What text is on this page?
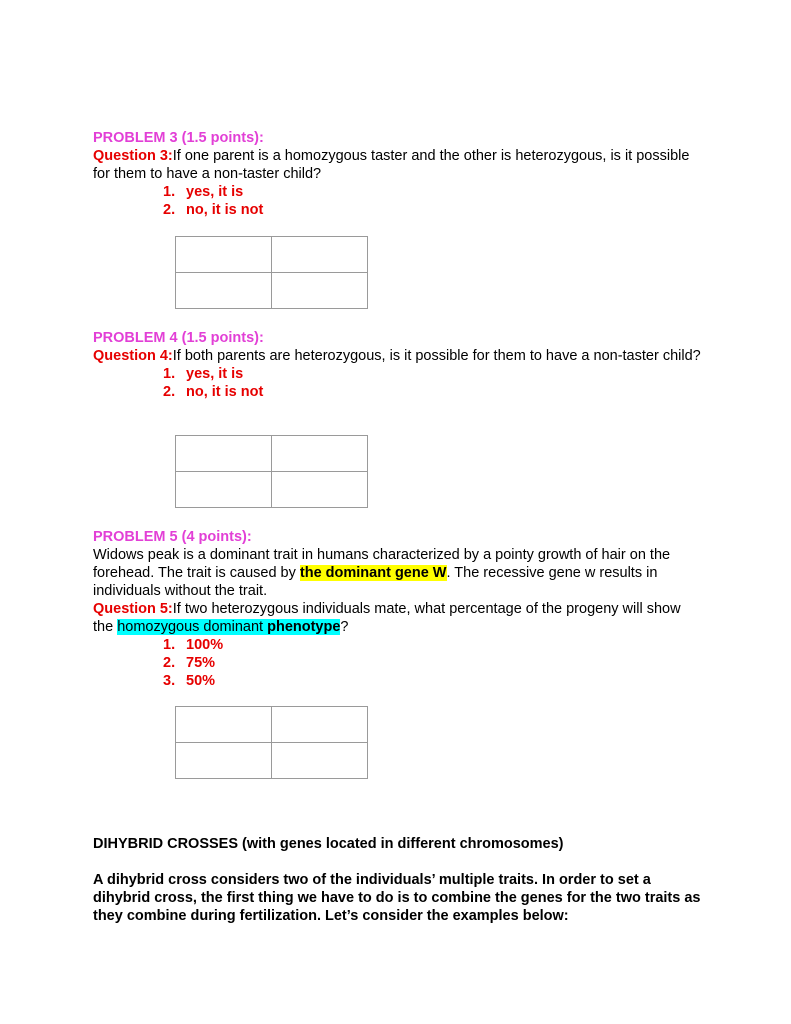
PROBLEM 3 (1.5 points):
Question 3:If one parent is a homozygous taster and the other is heterozygous, is it possible for them to have a non-taster child?
1. yes, it is
2. no, it is not

PROBLEM 4 (1.5 points):
Question 4:If both parents are heterozygous, is it possible for them to have a non-taster child?
1. yes, it is
2. no, it is not

PROBLEM 5 (4 points):
Widows peak is a dominant trait in humans characterized by a pointy growth of hair on the forehead. The trait is caused by the dominant gene W. The recessive gene w results in individuals without the trait.
Question 5:If two heterozygous individuals mate, what percentage of the progeny will show the homozygous dominant phenotype?
1. 100%
2. 75%
3. 50%

DIHYBRID CROSSES (with genes located in different chromosomes)
A dihybrid cross considers two of the individuals’ multiple traits. In order to set a dihybrid cross, the first thing we have to do is to combine the genes for the two traits as they combine during fertilization. Let’s consider the examples below:
